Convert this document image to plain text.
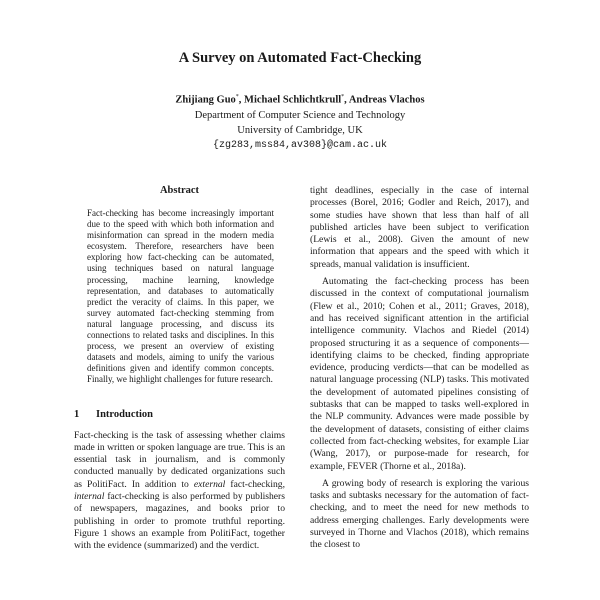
A Survey on Automated Fact-Checking
Zhijiang Guo*, Michael Schlichtkrull*, Andreas Vlachos
Department of Computer Science and Technology
University of Cambridge, UK
{zg283,mss84,av308}@cam.ac.uk
Abstract

Fact-checking has become increasingly important due to the speed with which both information and misinformation can spread in the modern media ecosystem. Therefore, researchers have been exploring how fact-checking can be automated, using techniques based on natural language processing, machine learning, knowledge representation, and databases to automatically predict the veracity of claims. In this paper, we survey automated fact-checking stemming from natural language processing, and discuss its connections to related tasks and disciplines. In this process, we present an overview of existing datasets and models, aiming to unify the various definitions given and identify common concepts. Finally, we highlight challenges for future research.

1 Introduction

Fact-checking is the task of assessing whether claims made in written or spoken language are true. This is an essential task in journalism, and is commonly conducted manually by dedicated organizations such as PolitiFact. In addition to external fact-checking, internal fact-checking is also performed by publishers of newspapers, magazines, and books prior to publishing in order to promote truthful reporting. Figure 1 shows an example from PolitiFact, together with the evidence (summarized) and the verdict.

tight deadlines, especially in the case of internal processes (Borel, 2016; Godler and Reich, 2017), and some studies have shown that less than half of all published articles have been subject to verification (Lewis et al., 2008). Given the amount of new information that appears and the speed with which it spreads, manual validation is insufficient.

Automating the fact-checking process has been discussed in the context of computational journalism (Flew et al., 2010; Cohen et al., 2011; Graves, 2018), and has received significant attention in the artificial intelligence community. Vlachos and Riedel (2014) proposed structuring it as a sequence of components—identifying claims to be checked, finding appropriate evidence, producing verdicts—that can be modelled as natural language processing (NLP) tasks. This motivated the development of automated pipelines consisting of subtasks that can be mapped to tasks well-explored in the NLP community. Advances were made possible by the development of datasets, consisting of either claims collected from fact-checking websites, for example Liar (Wang, 2017), or purpose-made for research, for example, FEVER (Thorne et al., 2018a).

A growing body of research is exploring the various tasks and subtasks necessary for the automation of fact-checking, and to meet the need for new methods to address emerging challenges. Early developments were surveyed in Thorne and Vlachos (2018), which remains the closest to
